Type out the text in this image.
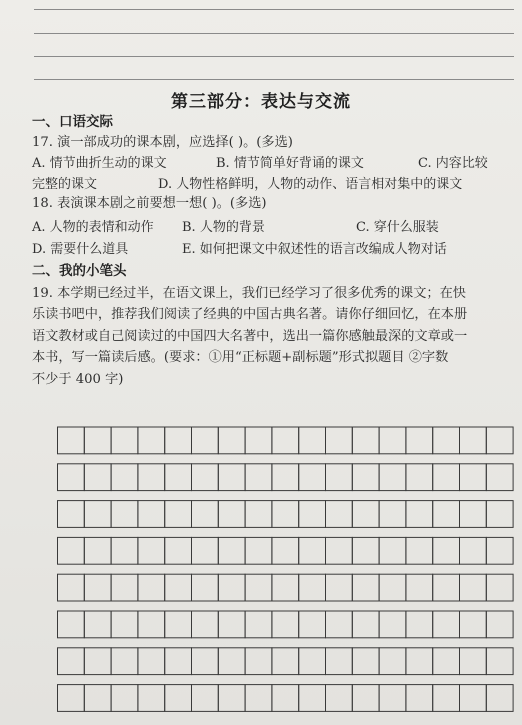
第三部分：表达与交流
一、口语交际
17. 演一部成功的课本剧，应选择( )。(多选)
A. 情节曲折生动的课文	B. 情节简单好背诵的课文	C. 内容比较
完整的课文	D. 人物性格鲜明，人物的动作、语言相对集中的课文
18. 表演课本剧之前要想一想( )。(多选)
A. 人物的表情和动作 B. 人物的背景	C. 穿什么服装
D. 需要什么道具	E. 如何把课文中叙述性的语言改编成人物对话
二、我的小笔头
19. 本学期已经过半，在语文课上，我们已经学习了很多优秀的课文；在快
乐读书吧中，推荐我们阅读了经典的中国古典名著。请你仔细回忆，在本册
语文教材或自己阅读过的中国四大名著中，选出一篇你感触最深的文章或一
本书，写一篇读后感。(要求：①用“正标题+副标题”形式拟题目 ②字数
不少于 400 字)
